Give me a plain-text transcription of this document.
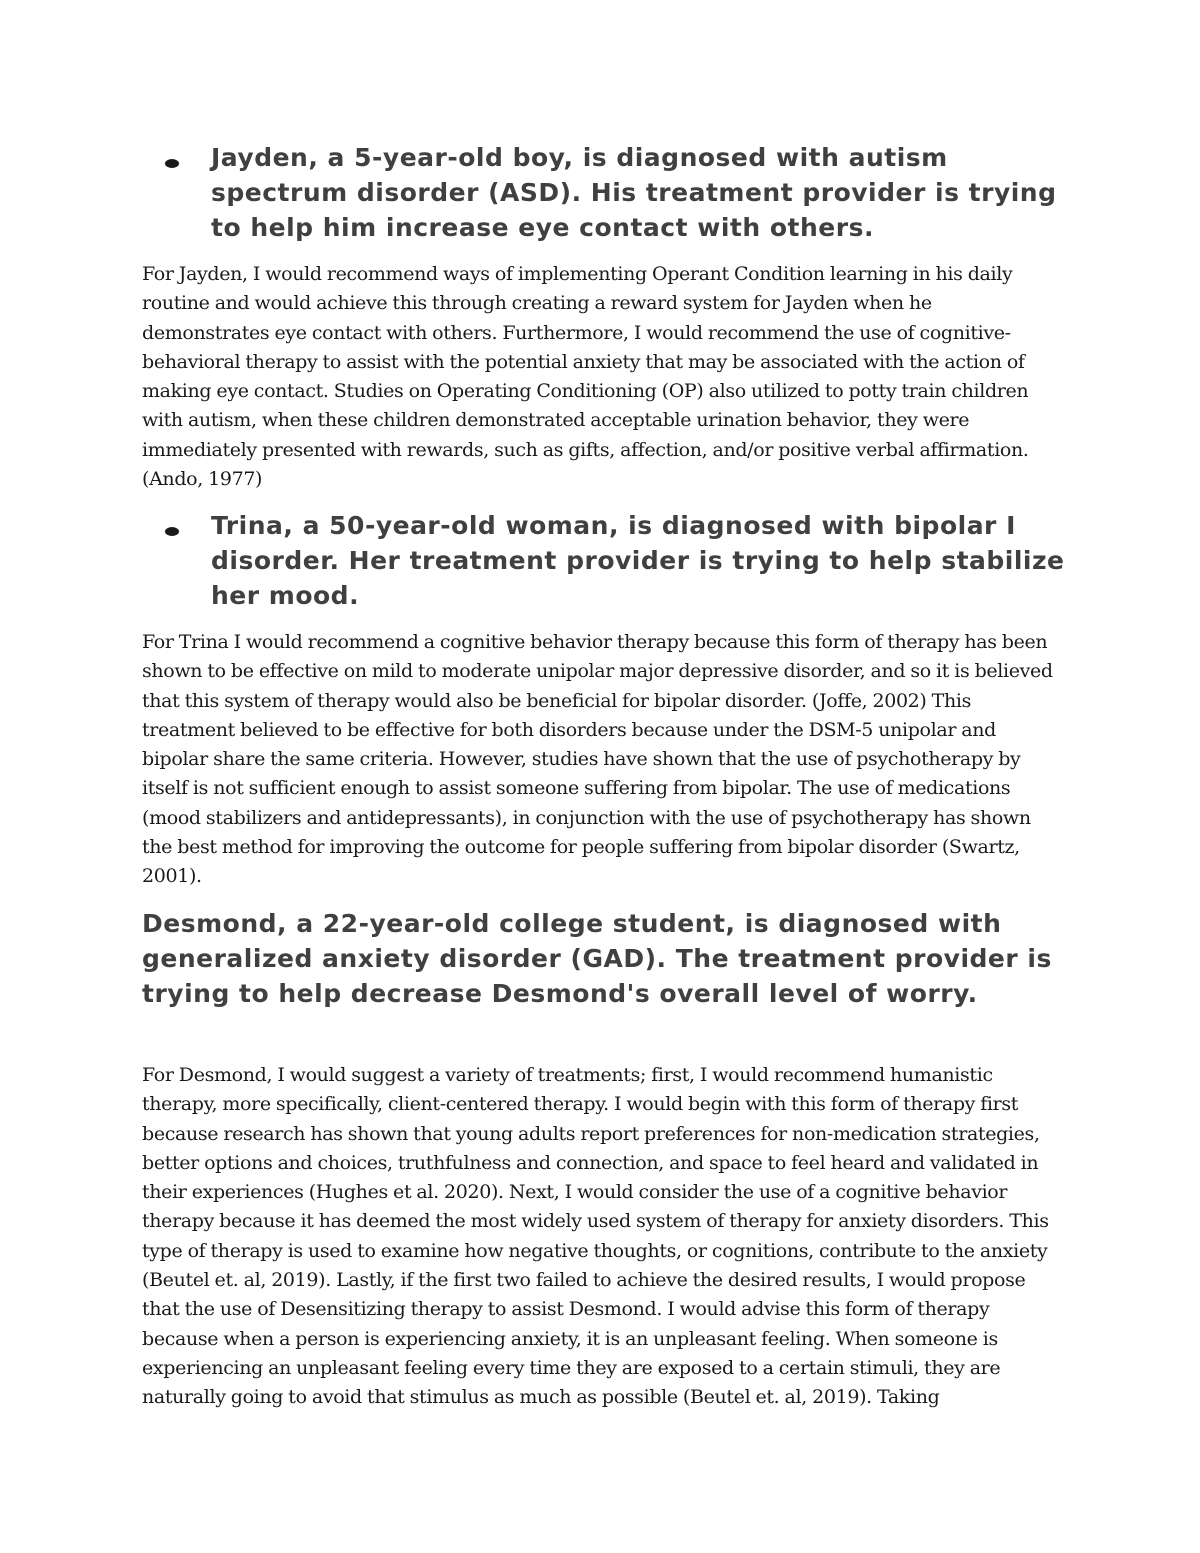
Jayden, a 5-year-old boy, is diagnosed with autism spectrum disorder (ASD). His treatment provider is trying to help him increase eye contact with others.

For Jayden, I would recommend ways of implementing Operant Condition learning in his daily routine and would achieve this through creating a reward system for Jayden when he demonstrates eye contact with others. Furthermore, I would recommend the use of cognitive-behavioral therapy to assist with the potential anxiety that may be associated with the action of making eye contact. Studies on Operating Conditioning (OP) also utilized to potty train children with autism, when these children demonstrated acceptable urination behavior, they were immediately presented with rewards, such as gifts, affection, and/or positive verbal affirmation. (Ando, 1977)

Trina, a 50-year-old woman, is diagnosed with bipolar I disorder. Her treatment provider is trying to help stabilize her mood.

For Trina I would recommend a cognitive behavior therapy because this form of therapy has been shown to be effective on mild to moderate unipolar major depressive disorder, and so it is believed that this system of therapy would also be beneficial for bipolar disorder. (Joffe, 2002) This treatment believed to be effective for both disorders because under the DSM-5 unipolar and bipolar share the same criteria. However, studies have shown that the use of psychotherapy by itself is not sufficient enough to assist someone suffering from bipolar. The use of medications (mood stabilizers and antidepressants), in conjunction with the use of psychotherapy has shown the best method for improving the outcome for people suffering from bipolar disorder (Swartz, 2001).

Desmond, a 22-year-old college student, is diagnosed with generalized anxiety disorder (GAD). The treatment provider is trying to help decrease Desmond's overall level of worry.

For Desmond, I would suggest a variety of treatments; first, I would recommend humanistic therapy, more specifically, client-centered therapy. I would begin with this form of therapy first because research has shown that young adults report preferences for non-medication strategies, better options and choices, truthfulness and connection, and space to feel heard and validated in their experiences (Hughes et al. 2020). Next, I would consider the use of a cognitive behavior therapy because it has deemed the most widely used system of therapy for anxiety disorders. This type of therapy is used to examine how negative thoughts, or cognitions, contribute to the anxiety (Beutel et. al, 2019). Lastly, if the first two failed to achieve the desired results, I would propose that the use of Desensitizing therapy to assist Desmond. I would advise this form of therapy because when a person is experiencing anxiety, it is an unpleasant feeling. When someone is experiencing an unpleasant feeling every time they are exposed to a certain stimuli, they are naturally going to avoid that stimulus as much as possible (Beutel et. al, 2019). Taking
